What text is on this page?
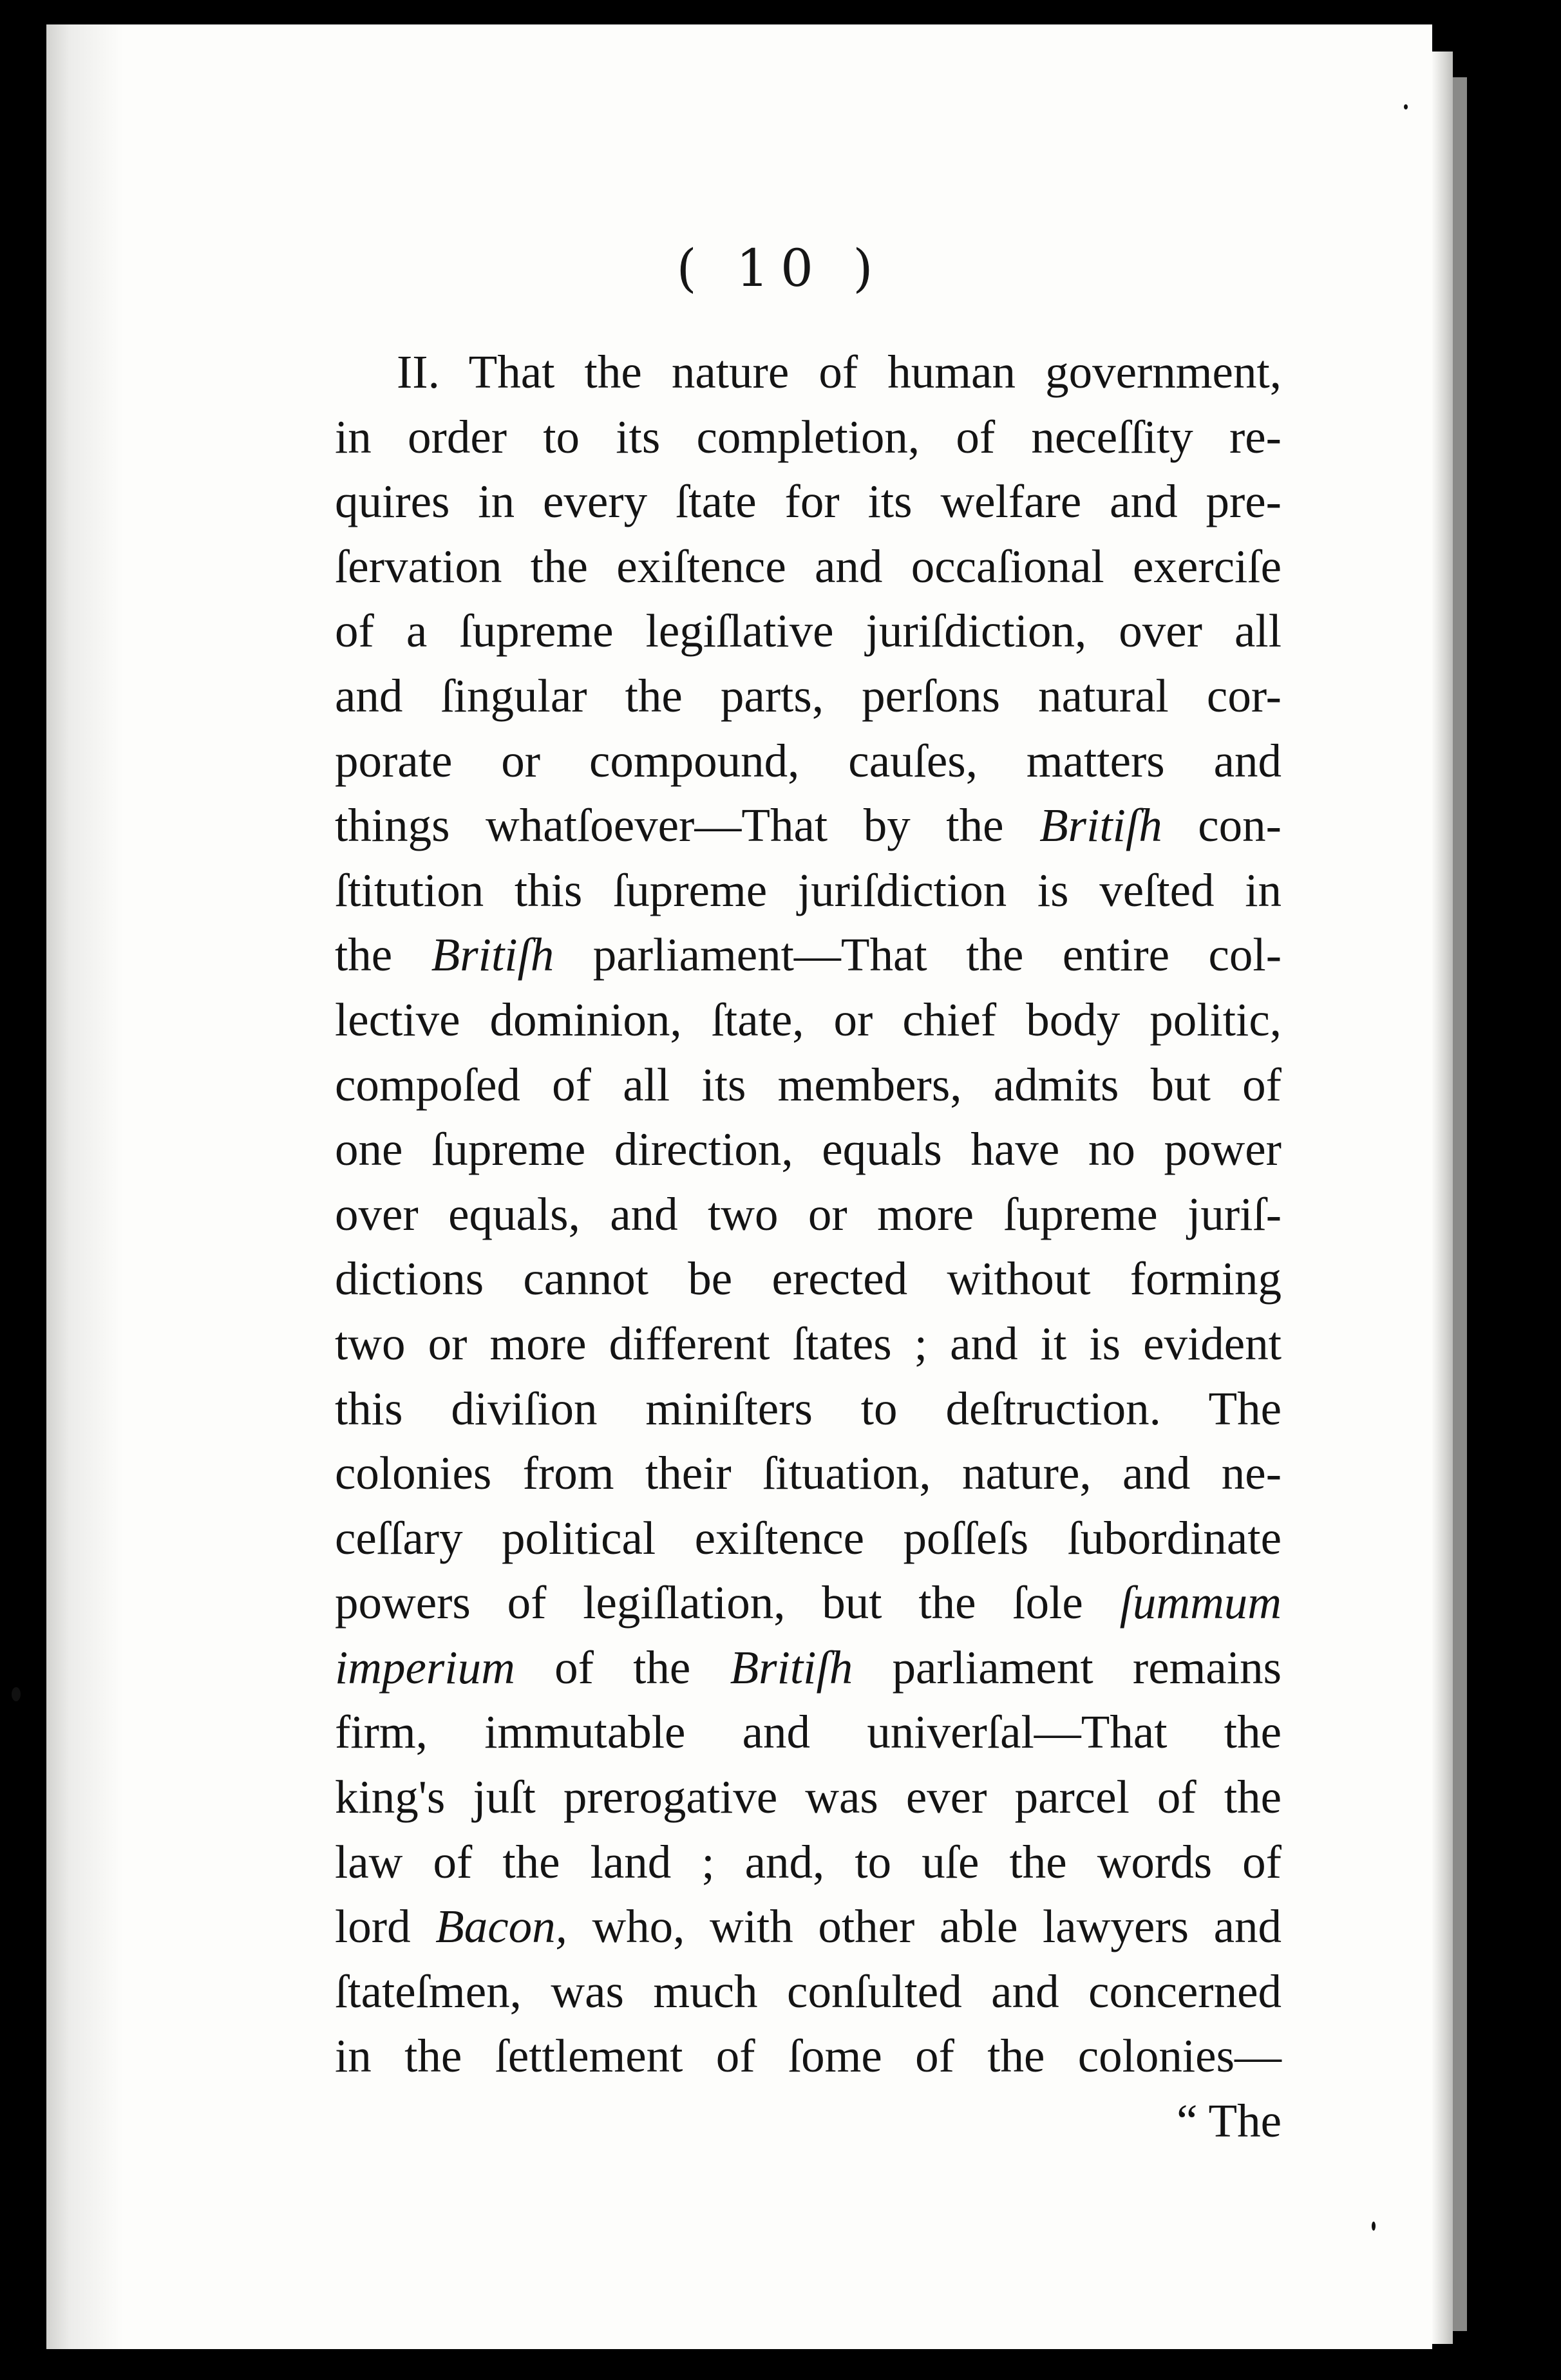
( 10 )
II. That the nature of human government,
in order to its completion, of neceſſity re-
quires in every ſtate for its welfare and pre-
ſervation the exiſtence and occaſional exerciſe
of a ſupreme legiſlative juriſdiction, over all
and ſingular the parts, perſons natural cor-
porate or compound, cauſes, matters and
things whatſoever—That by the Britiſh con-
ſtitution this ſupreme juriſdiction is veſted in
the Britiſh parliament—That the entire col-
lective dominion, ſtate, or chief body politic,
compoſed of all its members, admits but of
one ſupreme direction, equals have no power
over equals, and two or more ſupreme juriſ-
dictions cannot be erected without forming
two or more different ſtates ; and it is evident
this diviſion miniſters to deſtruction. The
colonies from their ſituation, nature, and ne-
ceſſary political exiſtence poſſeſs ſubordinate
powers of legiſlation, but the ſole ſummum
imperium of the Britiſh parliament remains
firm, immutable and univerſal—That the
king's juſt prerogative was ever parcel of the
law of the land ; and, to uſe the words of
lord Bacon, who, with other able lawyers and
ſtateſmen, was much conſulted and concerned
in the ſettlement of ſome of the colonies—
“ The
